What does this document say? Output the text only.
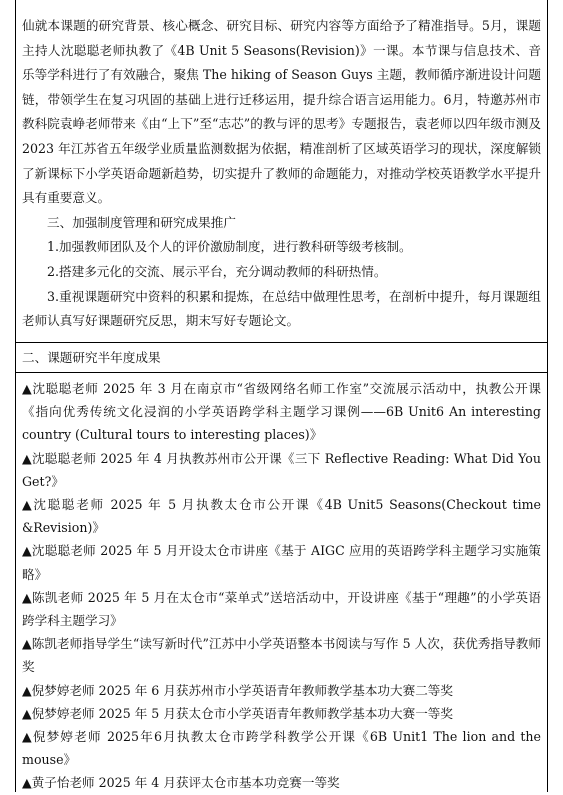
仙就本课题的研究背景、核心概念、研究目标、研究内容等方面给予了精准指导。5月，课题主持人沈聪聪老师执教了《4B Unit 5 Seasons(Revision)》一课。本节课与信息技术、音乐等学科进行了有效融合，聚焦 The hiking of Season Guys 主题，教师循序渐进设计问题链，带领学生在复习巩固的基础上进行迁移运用，提升综合语言运用能力。6月，特邀苏州市教科院袁峥老师带来《由“上下”至“志芯”的教与评的思考》专题报告，袁老师以四年级市测及 2023 年江苏省五年级学业质量监测数据为依据，精准剖析了区域英语学习的现状，深度解锁了新课标下小学英语命题新趋势，切实提升了教师的命题能力，对推动学校英语教学水平提升具有重要意义。

三、加强制度管理和研究成果推广

1.加强教师团队及个人的评价激励制度，进行教科研等级考核制。

2.搭建多元化的交流、展示平台，充分调动教师的科研热情。

3.重视课题研究中资料的积累和提炼，在总结中做理性思考，在剖析中提升，每月课题组老师认真写好课题研究反思，期末写好专题论文。

二、课题研究半年度成果

▲沈聪聪老师 2025 年 3 月在南京市“省级网络名师工作室”交流展示活动中，执教公开课《指向优秀传统文化浸润的小学英语跨学科主题学习课例——6B Unit6 An interesting country (Cultural tours to interesting places)》

▲沈聪聪老师 2025 年 4 月执教苏州市公开课《三下 Reflective Reading: What Did You Get?》

▲沈聪聪老师 2025 年 5 月执教太仓市公开课《4B Unit5 Seasons(Checkout time &Revision)》

▲沈聪聪老师 2025 年 5 月开设太仓市讲座《基于 AIGC 应用的英语跨学科主题学习实施策略》

▲陈凯老师 2025 年 5 月在太仓市“菜单式”送培活动中，开设讲座《基于“理趣”的小学英语跨学科主题学习》

▲陈凯老师指导学生“读写新时代”江苏中小学英语整本书阅读与写作 5 人次，获优秀指导教师奖

▲倪梦婷老师 2025 年 6 月获苏州市小学英语青年教师教学基本功大赛二等奖

▲倪梦婷老师 2025 年 5 月获太仓市小学英语青年教师教学基本功大赛一等奖

▲倪梦婷老师 2025年6月执教太仓市跨学科教学公开课《6B Unit1 The lion and the mouse》

▲黄子怡老师 2025 年 4 月获评太仓市基本功竞赛一等奖
